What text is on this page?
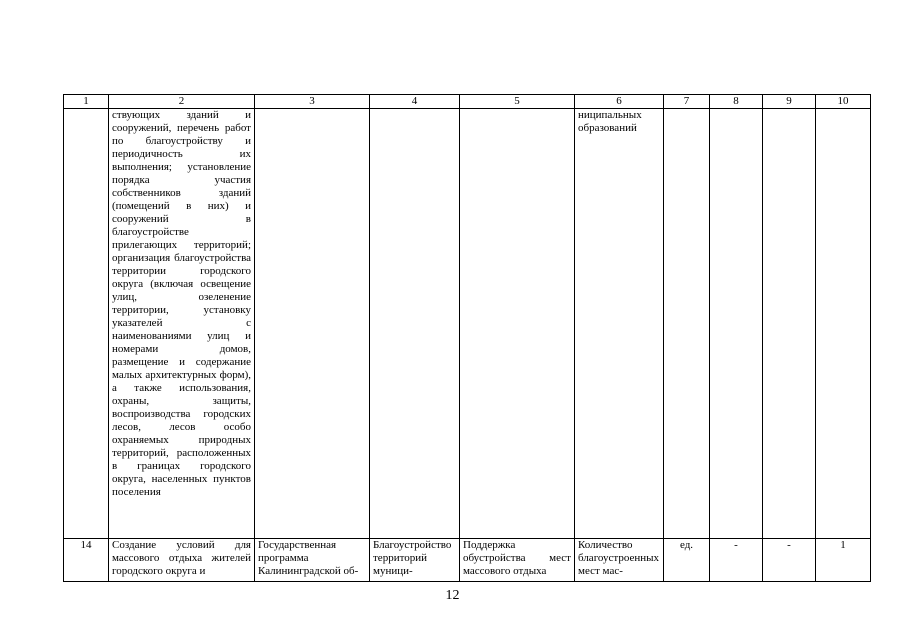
1	2	3	4	5	6	7	8	9	10
	ствующих зданий и сооружений, перечень работ по благоустройству и периодичность их выполнения; установление порядка участия собственников зданий (помещений в них) и сооружений в благоустройстве прилегающих территорий; организация благоустройства территории городского округа (включая освещение улиц, озеленение территории, установку указателей с наименованиями улиц и номерами домов, размещение и содержание малых архитектурных форм), а также использования, охраны, защиты, воспроизводства городских лесов, лесов особо охраняемых природных территорий, расположенных в границах городского округа, населенных пунктов поселения				ниципальных образований				
14	Создание условий для массового отдыха жителей городского округа и	Государственная программа Калининградской об-	Благоустройство территорий муници-	Поддержка обустройства мест массового отдыха	Количество благоустроенных мест мас-	ед.	-	-	1
12
